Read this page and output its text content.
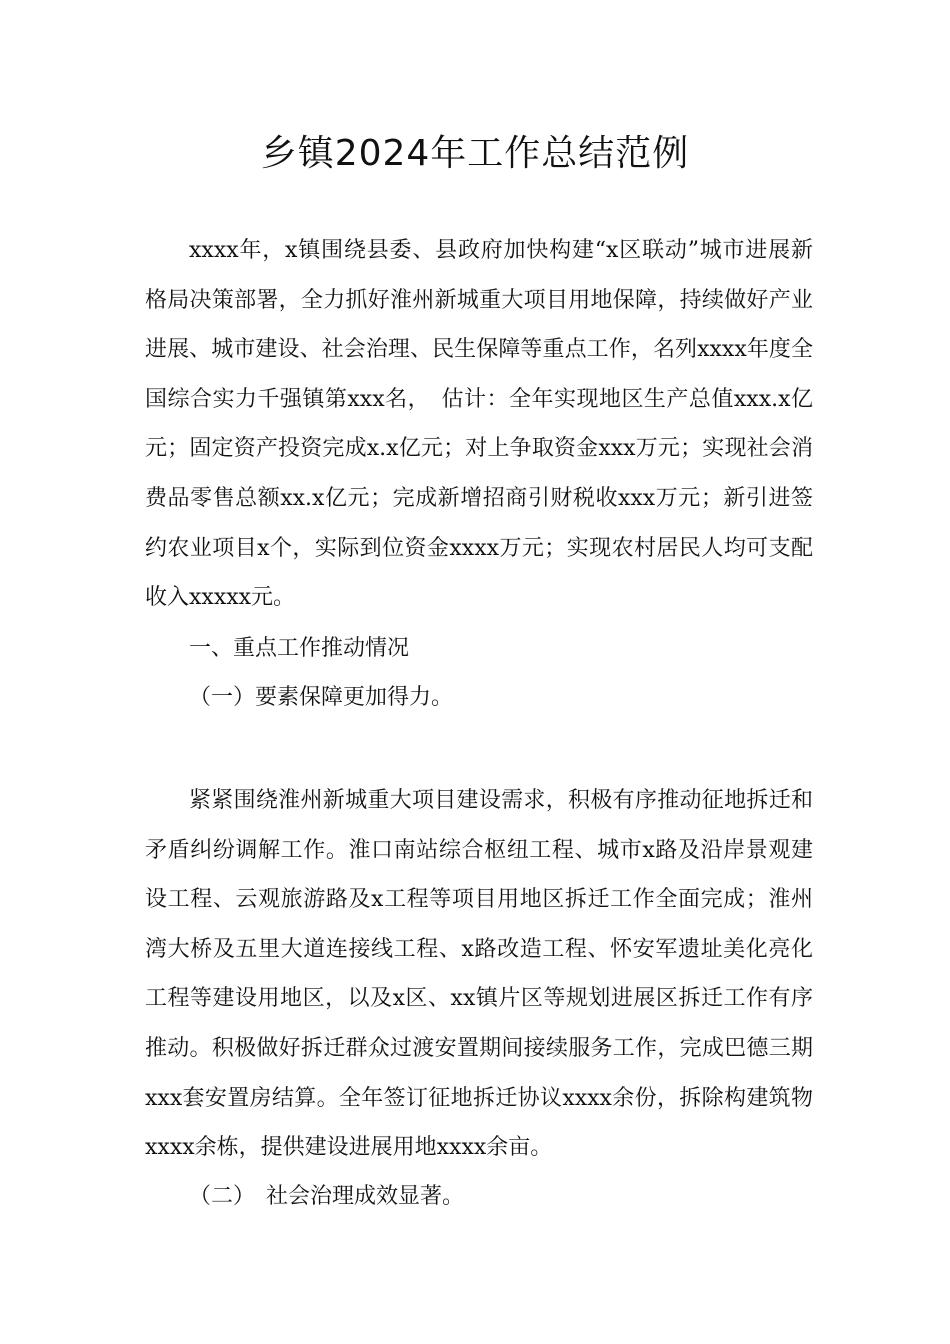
乡镇2024年工作总结范例

xxxx年，x镇围绕县委、县政府加快构建“x区联动”城市进展新格局决策部署，全力抓好淮州新城重大项目用地保障，持续做好产业进展、城市建设、社会治理、民生保障等重点工作，名列xxxx年度全国综合实力千强镇第xxx名，　估计：全年实现地区生产总值xxx.x亿元；固定资产投资完成x.x亿元；对上争取资金xxx万元；实现社会消费品零售总额xx.x亿元；完成新增招商引财税收xxx万元；新引进签约农业项目x个，实际到位资金xxxx万元；实现农村居民人均可支配收入xxxxx元。

一、重点工作推动情况

（一）要素保障更加得力。

紧紧围绕淮州新城重大项目建设需求，积极有序推动征地拆迁和矛盾纠纷调解工作。淮口南站综合枢纽工程、城市x路及沿岸景观建设工程、云观旅游路及x工程等项目用地区拆迁工作全面完成；淮州湾大桥及五里大道连接线工程、x路改造工程、怀安军遗址美化亮化工程等建设用地区，以及x区、xx镇片区等规划进展区拆迁工作有序推动。积极做好拆迁群众过渡安置期间接续服务工作，完成巴德三期xxx套安置房结算。全年签订征地拆迁协议xxxx余份，拆除构建筑物xxxx余栋，提供建设进展用地xxxx余亩。

（二）　社会治理成效显著。
